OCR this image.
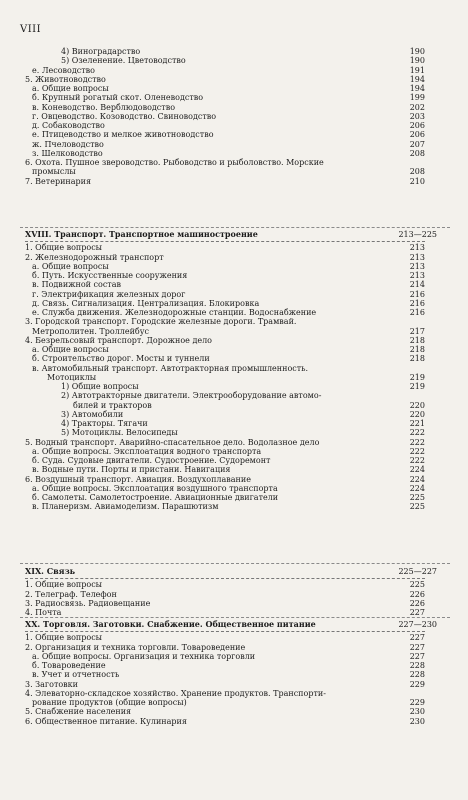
VIII
4) Виноградарство	190
5) Озеленение. Цветоводство	190
е. Лесоводство	191
5. Животноводство	194
а. Общие вопросы	194
б. Крупный рогатый скот. Оленеводство	199
в. Коневодство. Верблюдоводство	202
г. Овцеводство. Козоводство. Свиноводство	203
д. Собаководство	206
е. Птицеводство и мелкое животноводство	206
ж. Пчеловодство	207
з. Шелководство	208
6. Охота. Пушное звероводство. Рыбоводство и рыболовство. Морские
промыслы	208
7. Ветеринария	210
XVIII. Транспорт. Транспортное машиностроение	213—225
1. Общие вопросы	213
2. Железнодорожный транспорт	213
а. Общие вопросы	213
б. Путь. Искусственные сооружения	213
в. Подвижной состав	214
г. Электрификация железных дорог	216
д. Связь. Сигнализация. Централизация. Блокировка	216
е. Служба движения. Железнодорожные станции. Водоснабжение	216
3. Городской транспорт. Городские железные дороги. Трамвай.
Метрополитен. Троллейбус	217
4. Безрельсовый транспорт. Дорожное дело	218
а. Общие вопросы	218
б. Строительство дорог. Мосты и туннели	218
в. Автомобильный транспорт. Автотракторная промышленность.
Мотоциклы	219
1) Общие вопросы	219
2) Автотракторные двигатели. Электрооборудование автомо-
билей и тракторов	220
3) Автомобили	220
4) Тракторы. Тягачи	221
5) Мотоциклы. Велосипеды	222
5. Водный транспорт. Аварийно-спасательное дело. Водолазное дело	222
а. Общие вопросы. Эксплоатация водного транспорта	222
б. Суда. Судовые двигатели. Судостроение. Судоремонт	222
в. Водные пути. Порты и пристани. Навигация	224
6. Воздушный транспорт. Авиация. Воздухоплавание	224
а. Общие вопросы. Эксплоатация воздушного транспорта	224
б. Самолеты. Самолетостроение. Авиационные двигатели	225
в. Планеризм. Авиамоделизм. Парашютизм	225
XIX. Связь	225—227
1. Общие вопросы	225
2. Телеграф. Телефон	226
3. Радиосвязь. Радиовещание	226
4. Почта	227
XX. Торговля. Заготовки. Снабжение. Общественное питание	227—230
1. Общие вопросы	227
2. Организация и техника торговли. Товароведение	227
а. Общие вопросы. Организация и техника торговли	227
б. Товароведение	228
в. Учет и отчетность	228
3. Заготовки	229
4. Элеваторно-складское хозяйство. Хранение продуктов. Транспорти-
рование продуктов (общие вопросы)	229
5. Снабжение населения	230
6. Общественное питание. Кулинария	230
